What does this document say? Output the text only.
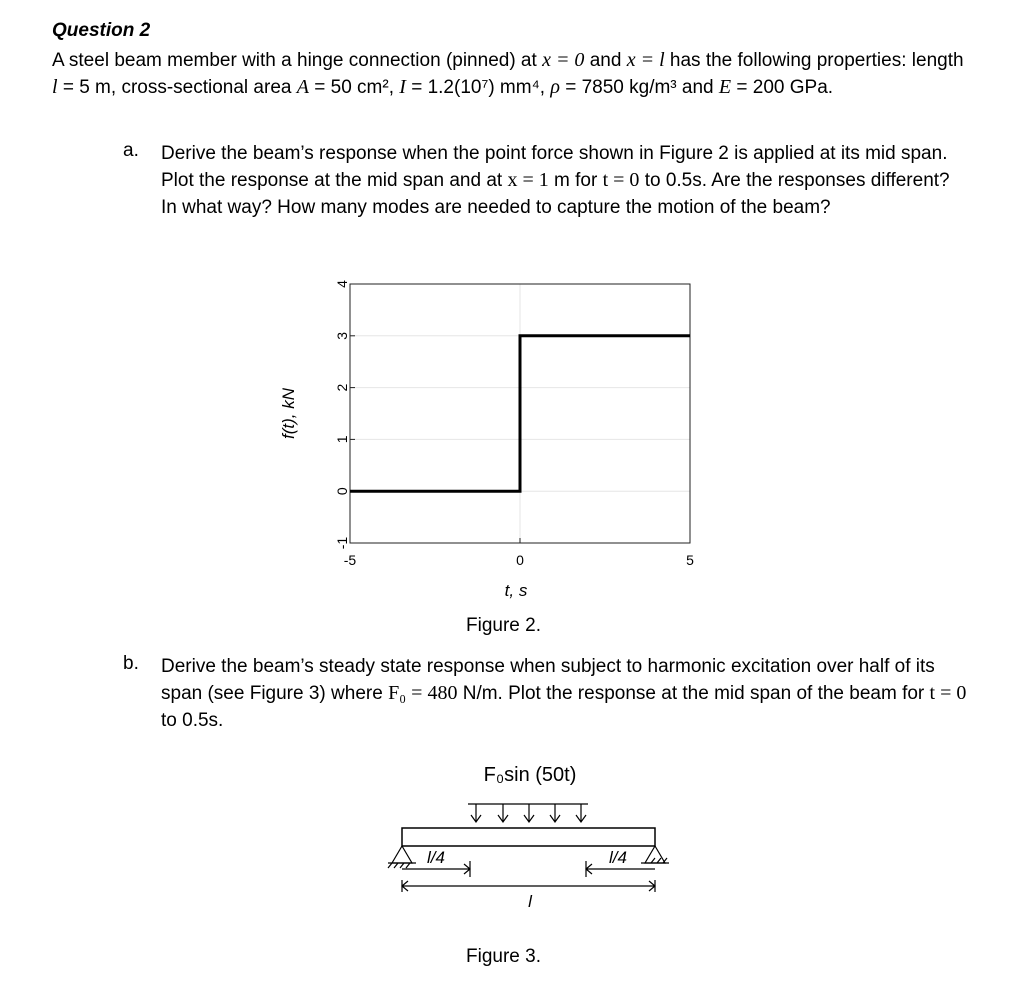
Question 2
A steel beam member with a hinge connection (pinned) at x = 0 and x = l has the following properties: length l = 5 m, cross-sectional area A = 50 cm², I = 1.2(10⁷) mm⁴, ρ = 7850 kg/m³ and E = 200 GPa.
a. Derive the beam’s response when the point force shown in Figure 2 is applied at its mid span. Plot the response at the mid span and at x = 1 m for t = 0 to 0.5s. Are the responses different? In what way? How many modes are needed to capture the motion of the beam?
-1
0
1
2
3
4
-5	0	5
f(t), kN
t, s
Figure 2.
b. Derive the beam’s steady state response when subject to harmonic excitation over half of its span (see Figure 3) where F₀ = 480 N/m. Plot the response at the mid span of the beam for t = 0 to 0.5s.
F₀sin (50t)
l/4	l/4
l
Figure 3.
